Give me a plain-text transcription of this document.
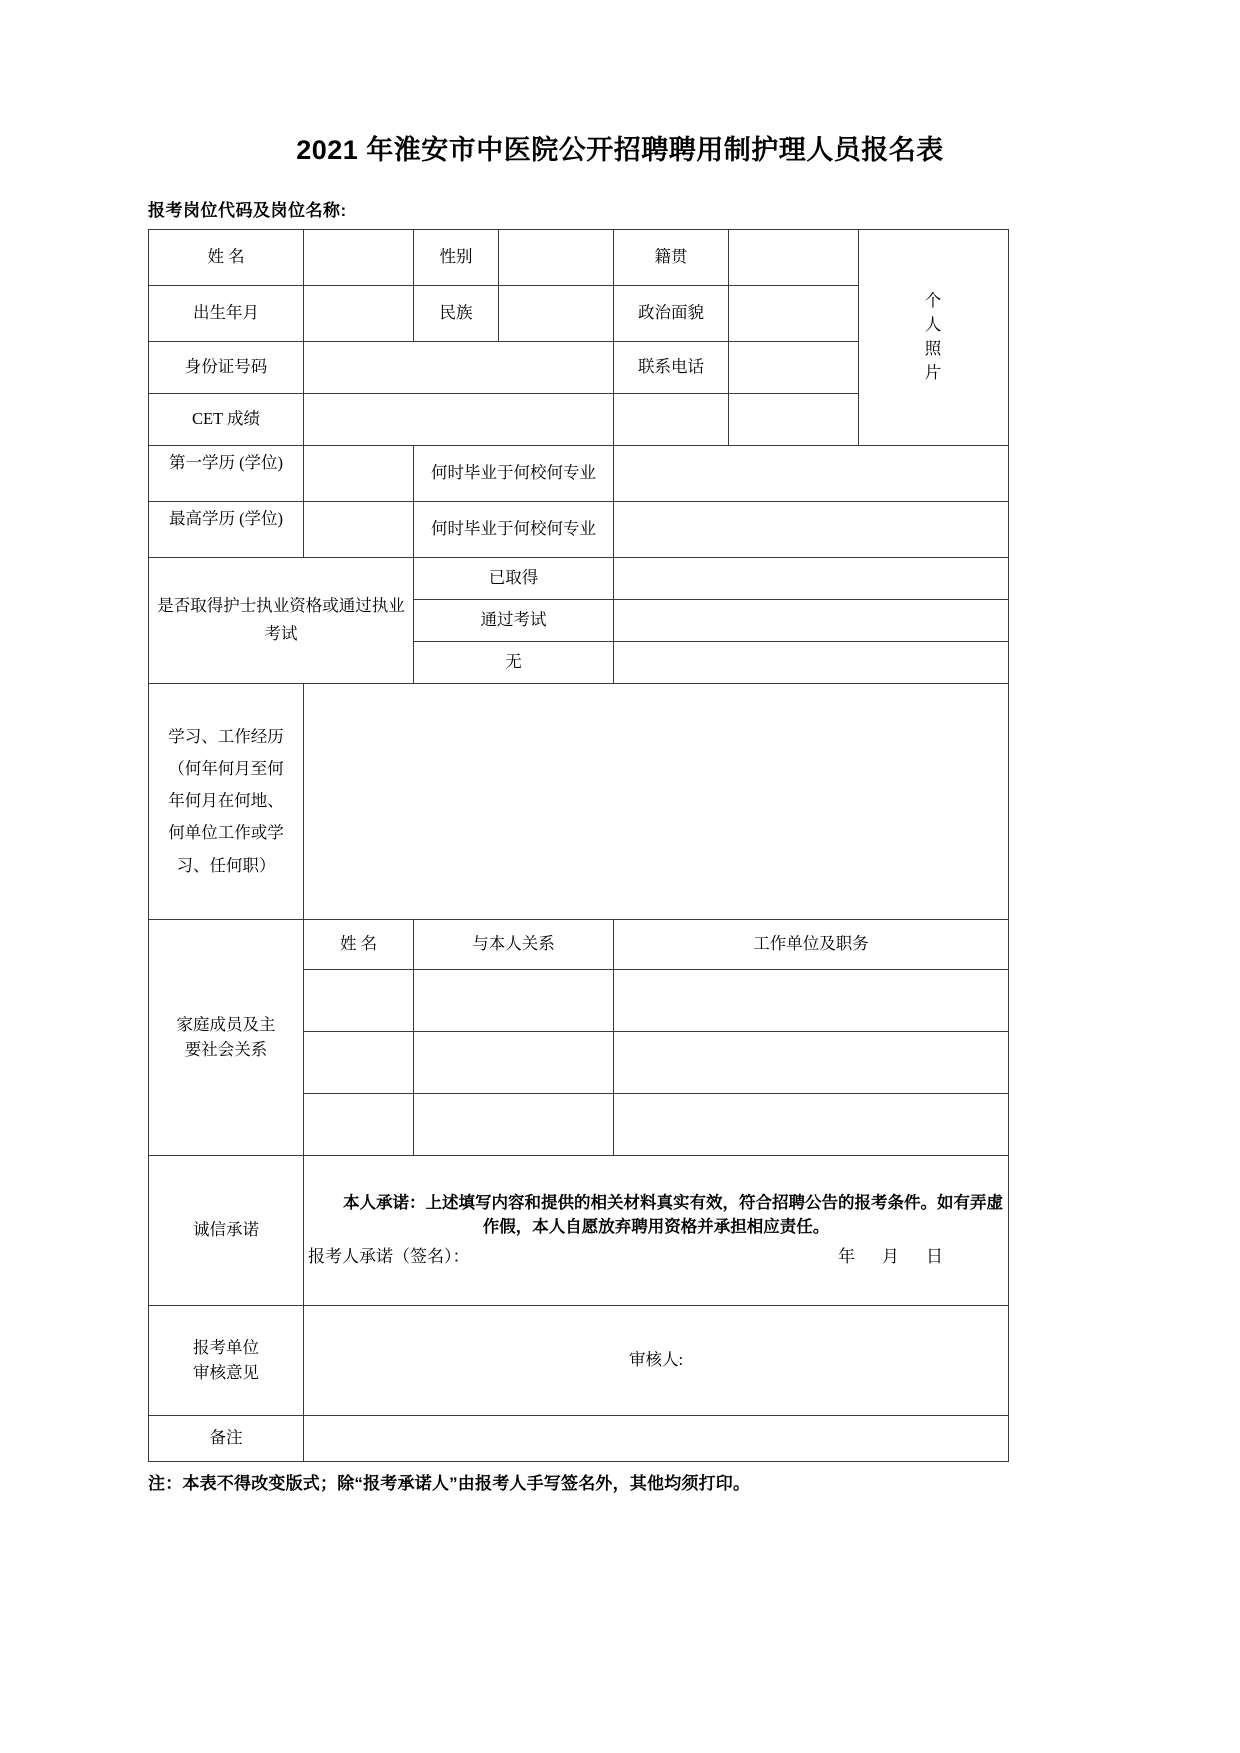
2021 年淮安市中医院公开招聘聘用制护理人员报名表
报考岗位代码及岗位名称:
姓 名		性别		籍贯		个
人
照
片

出生年月		民族		政治面貌		
身份证号码				联系电话		
CET 成绩						

第一学历 (学位)		何时毕业于何校何专业				

最高学历 (学位)		何时毕业于何校何专业				

是否取得护士执业资格或通过执业考试		已取得				
		通过考试				
		无				

学习、工作经历
（何年何月至何
年何月在何地、
何单位工作或学
习、任何职）						

家庭成员及主
要社会关系	姓 名	与本人关系		工作单位及职务		

诚信承诺	本人承诺：上述填写内容和提供的相关材料真实有效，符合招聘公告的报考条件。如有弄虚作假，本人自愿放弃聘用资格并承担相应责任。
报考人承诺（签名）： 年 月 日					

报考单位
审核意见	审核人:					
备注						
注：本表不得改变版式；除“报考承诺人”由报考人手写签名外，其他均须打印。
